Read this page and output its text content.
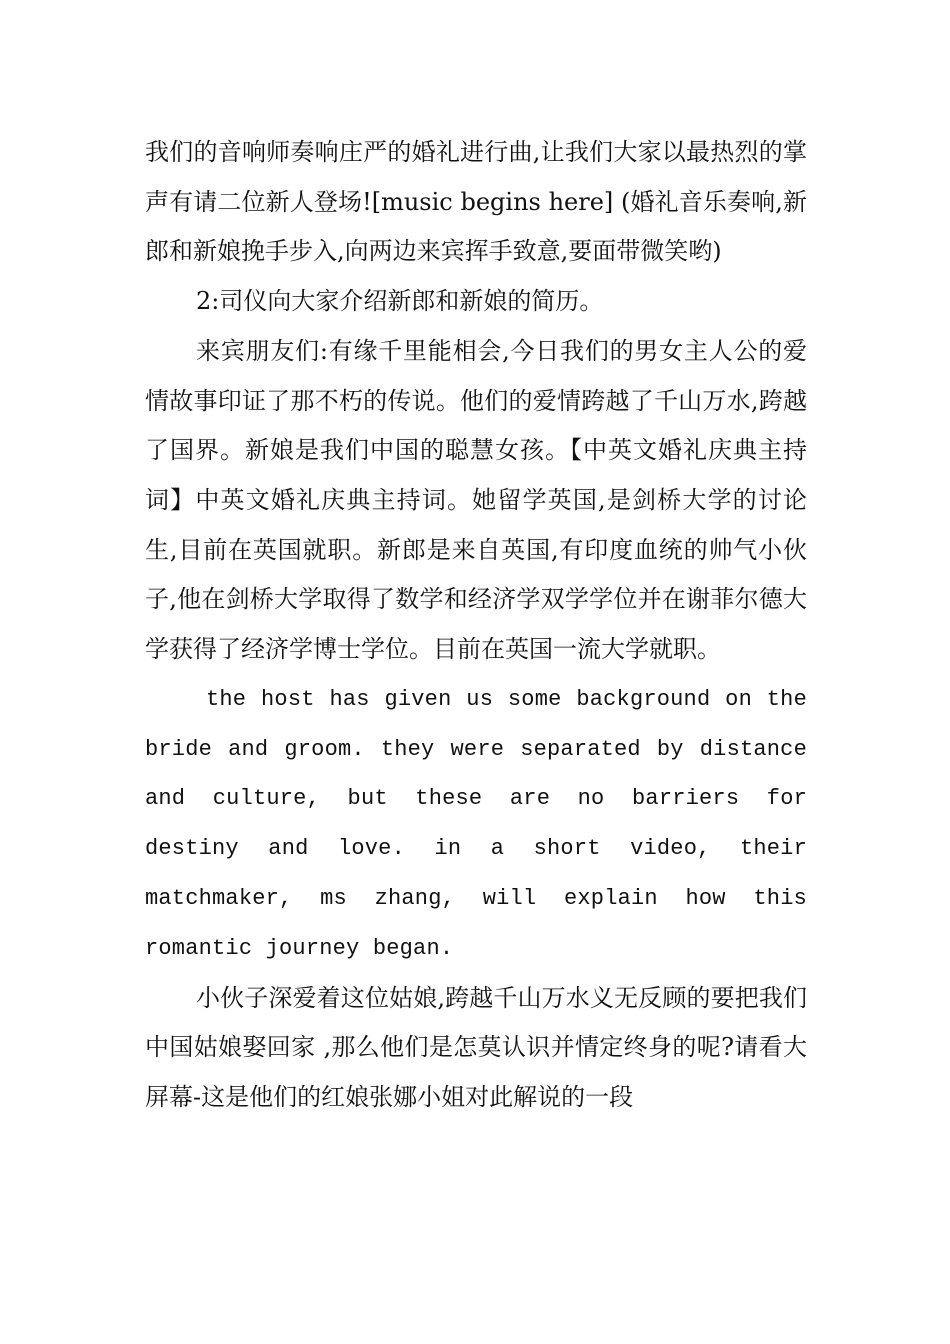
我们的音响师奏响庄严的婚礼进行曲,让我们大家以最热烈的掌声有请二位新人登场![music begins here] (婚礼音乐奏响,新郎和新娘挽手步入,向两边来宾挥手致意,要面带微笑哟)

2:司仪向大家介绍新郎和新娘的简历。

来宾朋友们:有缘千里能相会,今日我们的男女主人公的爱情故事印证了那不朽的传说。他们的爱情跨越了千山万水,跨越了国界。新娘是我们中国的聪慧女孩。【中英文婚礼庆典主持词】中英文婚礼庆典主持词。她留学英国,是剑桥大学的讨论生,目前在英国就职。新郎是来自英国,有印度血统的帅气小伙子,他在剑桥大学取得了数学和经济学双学学位并在谢菲尔德大学获得了经济学博士学位。目前在英国一流大学就职。

the host has given us some background on the bride and groom. they were separated by distance and culture, but these are no barriers for destiny and love. in a short video, their matchmaker, ms zhang, will explain how this romantic journey began.

小伙子深爱着这位姑娘,跨越千山万水义无反顾的要把我们中国姑娘娶回家 ,那么他们是怎莫认识并情定终身的呢?请看大屏幕-这是他们的红娘张娜小姐对此解说的一段
